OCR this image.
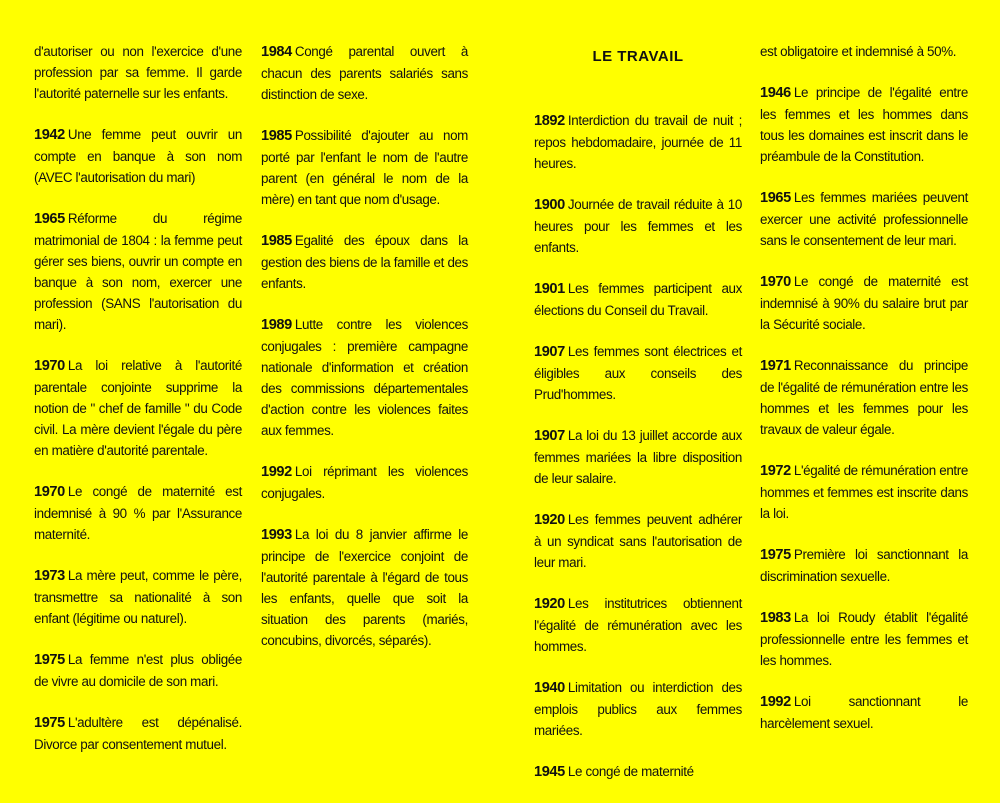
d'autoriser ou non l'exercice d'une profession par sa femme. Il garde l'autorité paternelle sur les enfants.

1942 Une femme peut ouvrir un compte en banque à son nom (AVEC l'autorisation du mari)

1965 Réforme du régime matrimonial de 1804 : la femme peut gérer ses biens, ouvrir un compte en banque à son nom, exercer une profession (SANS l'autorisation du mari).

1970 La loi relative à l'autorité parentale conjointe supprime la notion de " chef de famille " du Code civil. La mère devient l'égale du père en matière d'autorité parentale.

1970 Le congé de maternité est indemnisé à 90 % par l'Assurance maternité.

1973 La mère peut, comme le père, transmettre sa nationalité à son enfant (légitime ou naturel).

1975 La femme n'est plus obligée de vivre au domicile de son mari.

1975 L'adultère est dépénalisé. Divorce par consentement mutuel.

1984 Congé parental ouvert à chacun des parents salariés sans distinction de sexe.

1985 Possibilité d'ajouter au nom porté par l'enfant le nom de l'autre parent (en général le nom de la mère) en tant que nom d'usage.

1985 Egalité des époux dans la gestion des biens de la famille et des enfants.

1989 Lutte contre les violences conjugales : première campagne nationale d'information et création des commissions départementales d'action contre les violences faites aux femmes.

1992 Loi réprimant les violences conjugales.

1993 La loi du 8 janvier affirme le principe de l'exercice conjoint de l'autorité parentale à l'égard de tous les enfants, quelle que soit la situation des parents (mariés, concubins, divorcés, séparés).

LE TRAVAIL

1892 Interdiction du travail de nuit ; repos hebdomadaire, journée de 11 heures.

1900 Journée de travail réduite à 10 heures pour les femmes et les enfants.

1901 Les femmes participent aux élections du Conseil du Travail.

1907 Les femmes sont électrices et éligibles aux conseils des Prud'hommes.

1907 La loi du 13 juillet accorde aux femmes mariées la libre disposition de leur salaire.

1920 Les femmes peuvent adhérer à un syndicat sans l'autorisation de leur mari.

1920 Les institutrices obtiennent l'égalité de rémunération avec les hommes.

1940 Limitation ou interdiction des emplois publics aux femmes mariées.

1945 Le congé de maternité

est obligatoire et indemnisé à 50%.

1946 Le principe de l'égalité entre les femmes et les hommes dans tous les domaines est inscrit dans le préambule de la Constitution.

1965 Les femmes mariées peuvent exercer une activité professionnelle sans le consentement de leur mari.

1970 Le congé de maternité est indemnisé à 90% du salaire brut par la Sécurité sociale.

1971 Reconnaissance du principe de l'égalité de rémunération entre les hommes et les femmes pour les travaux de valeur égale.

1972 L'égalité de rémunération entre hommes et femmes est inscrite dans la loi.

1975 Première loi sanctionnant la discrimination sexuelle.

1983 La loi Roudy établit l'égalité professionnelle entre les femmes et les hommes.

1992 Loi sanctionnant le harcèlement sexuel.
